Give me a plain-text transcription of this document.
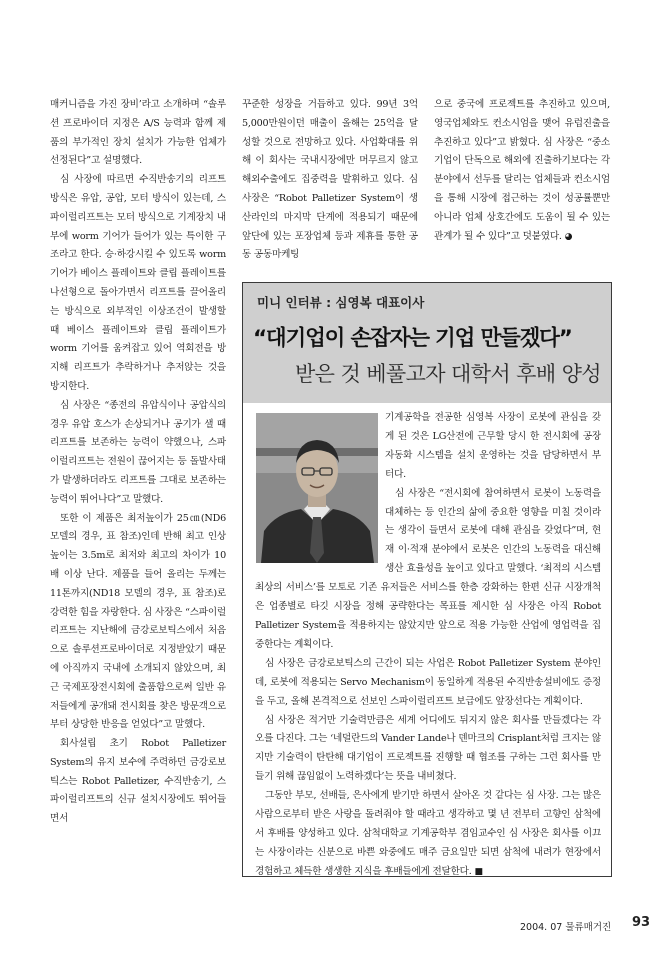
매커니즘을 가진 장비’라고 소개하며 “솔루션 프로바이더 지정은 A/S 능력과 함께 제품의 부가적인 장치 설치가 가능한 업체가 선정된다”고 설명했다.

심 사장에 따르면 수직반송기의 리프트 방식은 유압, 공압, 모터 방식이 있는데, 스파이럴리프트는 모터 방식으로 기계장치 내부에 worm 기어가 들어가 있는 특이한 구조라고 한다. 승·하강시킬 수 있도록 worm 기어가 베이스 플레이트와 클립 플레이트를 나선형으로 돌아가면서 리프트를 끌어올리는 방식으로 외부적인 이상조건이 발생할 때 베이스 플레이트와 클립 플레이트가 worm 기어를 움켜잡고 있어 역회전을 방지해 리프트가 추락하거나 추저앉는 것을 방지한다.

심 사장은 “종전의 유압식이나 공압식의 경우 유압 호스가 손상되거나 공기가 샐 때 리프트를 보존하는 능력이 약했으나, 스파이럴리프트는 전원이 끊어지는 등 돌발사태가 발생하더라도 리프트를 그대로 보존하는 능력이 뛰어나다”고 말했다.

또한 이 제품은 최저높이가 25㎝(ND6 모델의 경우, 표 참조)인데 반해 최고 인상높이는 3.5m로 최저와 최고의 차이가 10배 이상 난다. 제품을 들어 올리는 두께는 11톤까지(ND18 모델의 경우, 표 참조)로 강력한 힘을 자랑한다. 심 사장은 “스파이럴리프트는 지난해에 금강로보틱스에서 처음으로 솔루션프로바이더로 지정받았기 때문에 아직까지 국내에 소개되지 않았으며, 최근 국제포장전시회에 출품함으로써 일반 유저들에게 공개돼 전시회를 찾은 방문객으로부터 상당한 반응을 얻었다”고 말했다.

회사설립 초기 Robot Palletizer System의 유지 보수에 주력하던 금강로보틱스는 Robot Palletizer, 수직반송기, 스파이럴리프트의 신규 설치시장에도 뛰어들면서

꾸준한 성장을 거듭하고 있다. 99년 3억 5,000만원이던 매출이 올해는 25억을 달성할 것으로 전망하고 있다. 사업확대를 위해 이 회사는 국내시장에만 머무르지 않고 해외수출에도 집중력을 발휘하고 있다. 심 사장은 “Robot Palletizer System이 생산라인의 마지막 단계에 적용되기 때문에 앞단에 있는 포장업체 등과 제휴를 통한 공동 공동마케팅

으로 중국에 프로젝트를 추진하고 있으며, 영국업체와도 컨소시엄을 맺어 유럽진출을 추진하고 있다”고 밝혔다. 심 사장은 “중소기업이 단독으로 해외에 진출하기보다는 각 분야에서 선두를 달리는 업체들과 컨소시엄을 통해 시장에 접근하는 것이 성공률뿐만 아니라 업체 상호간에도 도움이 될 수 있는 관계가 될 수 있다”고 덧붙였다. ◕

미니 인터뷰 : 심영복 대표이사
“대기업이 손잡자는 기업 만들겠다”
받은 것 베풀고자 대학서 후배 양성

기계공학을 전공한 심영복 사장이 로봇에 관심을 갖게 된 것은 LG산전에 근무할 당시 한 전시회에 공장자동화 시스템을 설치 운영하는 것을 담당하면서 부터다.

심 사장은 “전시회에 참여하면서 로봇이 노동력을 대체하는 등 인간의 삶에 중요한 영향을 미칠 것이라는 생각이 들면서 로봇에 대해 관심을 갖었다”며, 현재 이·적재 분야에서 로봇은 인간의 노동력을 대신해 생산 효율성을 높이고 있다고 말했다. ‘최적의 시스템 최상의 서비스’를 모토로 기존 유저들은 서비스를 한층 강화하는 한편 신규 시장개척은 업종별로 타깃 시장을 정해 공략한다는 목표를 제시한 심 사장은 아직 Robot Palletizer System을 적용하지는 않았지만 앞으로 적용 가능한 산업에 영업력을 집중한다는 계획이다.

심 사장은 금강로보틱스의 근간이 되는 사업은 Robot Palletizer System 분야인데, 로봇에 적용되는 Servo Mechanism이 동일하게 적용된 수직반송설비에도 증정을 두고, 올해 본격적으로 선보인 스파이럴리프트 보급에도 앞장선다는 계획이다.

심 사장은 적거만 기술력만큼은 세계 어디에도 뒤지지 않은 회사를 만들겠다는 각오를 다진다. 그는 ‘네덜란드의 Vander Lande나 덴마크의 Crisplant처럼 크지는 않지만 기술력이 탄탄해 대기업이 프로젝트를 진행할 때 협조를 구하는 그런 회사를 만들기 위해 끊임없이 노력하겠다’는 뜻을 내비쳤다.

그동안 부모, 선배들, 은사에게 받기만 하면서 살아온 것 같다는 심 사장. 그는 많은 사람으로부터 받은 사랑을 돌려줘야 할 때라고 생각하고 몇 년 전부터 고향인 삼척에서 후배를 양성하고 있다. 삼척대학교 기계공학부 겸임교수인 심 사장은 회사를 이끄는 사장이라는 신분으로 바쁜 와중에도 매주 금요일만 되면 삼척에 내려가 현장에서 경험하고 체득한 생생한 지식을 후배들에게 전달한다. ■

2004. 07 물류매거진 93
